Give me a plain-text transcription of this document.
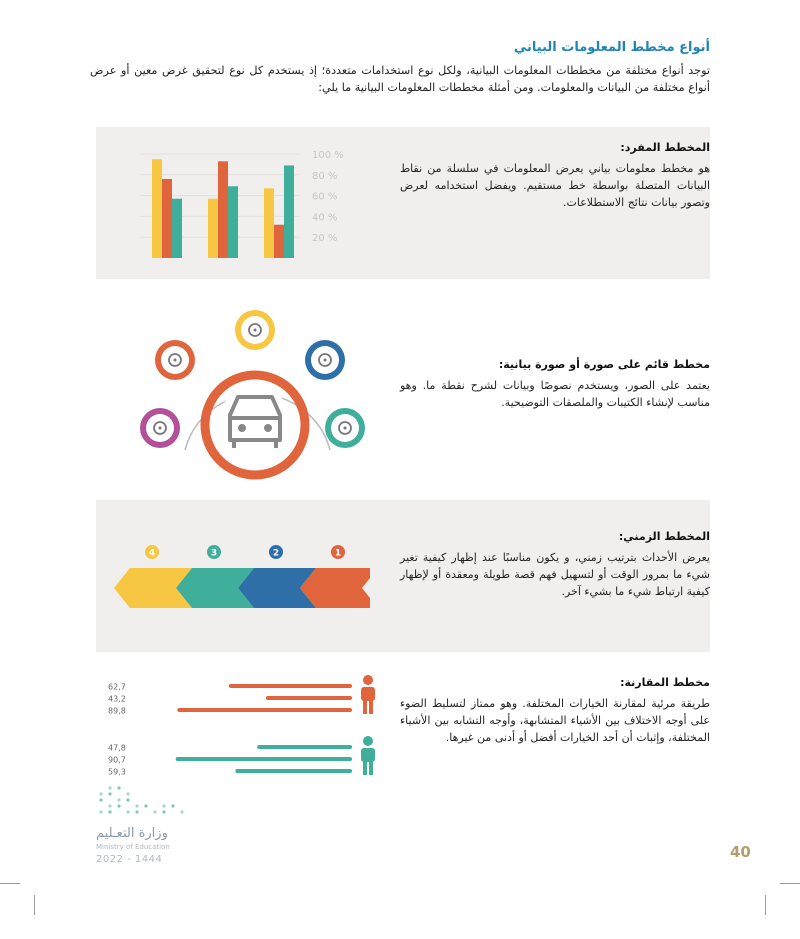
أنواع مخطط المعلومات البياني
توجد أنواع مختلفة من مخططات المعلومات البيانية، ولكل نوع استخدامات متعددة؛ إذ يستخدم كل نوع لتحقيق غرض معين أو عرض أنواع مختلفة من البيانات والمعلومات. ومن أمثلة مخططات المعلومات البيانية ما يلي:
المخطط المفرد:
هو مخطط معلومات بياني يعرض المعلومات في سلسلة من نقاط البيانات المتصلة بواسطة خط مستقيم. ويفضل استخدامه لعرض وتصور بيانات نتائج الاستطلاعات.
100 %
80 %
60 %
40 %
20 %
مخطط قائم على صورة أو صورة بيانية:
يعتمد على الصور، ويستخدم نصوصًا وبيانات لشرح نقطة ما. وهو مناسب لإنشاء الكتيبات والملصقات التوضيحية.
المخطط الزمني:
يعرض الأحداث بترتيب زمني، و يكون مناسبًا عند إظهار كيفية تغير شيء ما بمرور الوقت أو لتسهيل فهم قصة طويلة ومعقدة أو لإظهار كيفية ارتباط شيء ما بشيء آخر.
4	3	2	1
مخطط المقارنة:
طريقة مرئية لمقارنة الخيارات المختلفة. وهو ممتاز لتسليط الضوء على أوجه الاختلاف بين الأشياء المتشابهة، وأوجه التشابه بين الأشياء المختلفة، وإثبات أن أحد الخيارات أفضل أو أدنى من غيرها.
62,7
43,2
89,8
47,8
90,7
59,3
وزارة التعـليم
Ministry of Education
2022 - 1444	40
